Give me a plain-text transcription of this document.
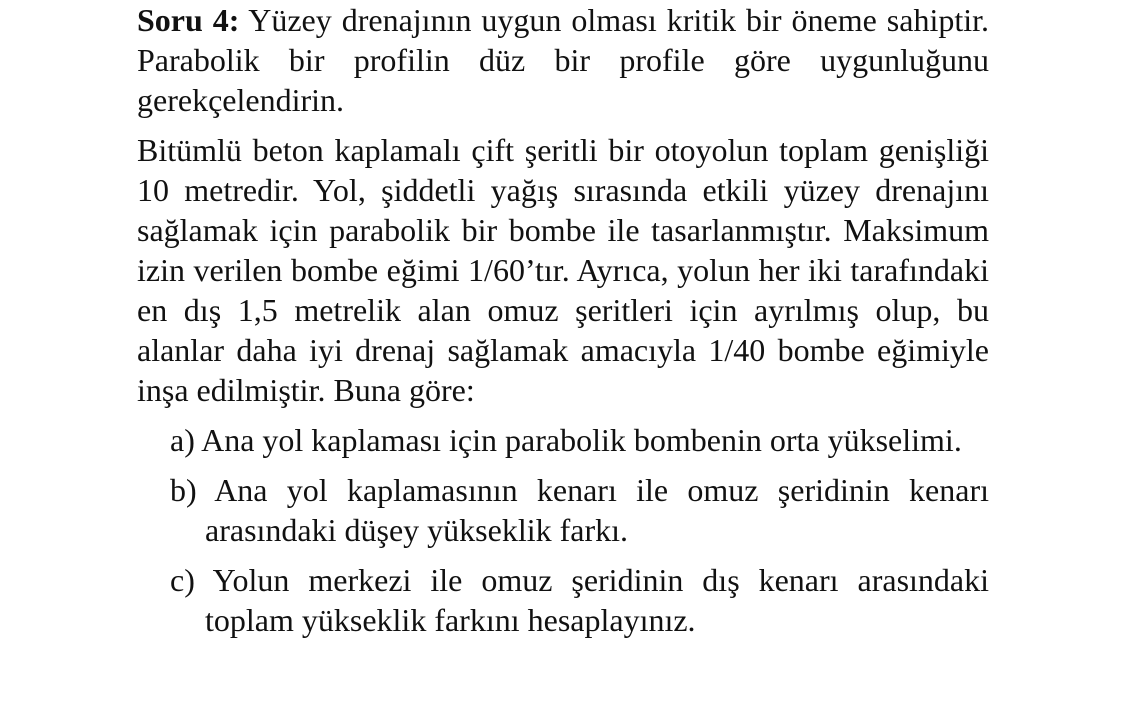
Soru 4: Yüzey drenajının uygun olması kritik bir öneme sahiptir. Parabolik bir profilin düz bir profile göre uygunluğunu gerekçelendirin.

Bitümlü beton kaplamalı çift şeritli bir otoyolun toplam genişliği 10 metredir. Yol, şiddetli yağış sırasında etkili yüzey drenajını sağlamak için parabolik bir bombe ile tasarlanmıştır. Maksimum izin verilen bombe eğimi 1/60’tır. Ayrıca, yolun her iki tarafındaki en dış 1,5 metrelik alan omuz şeritleri için ayrılmış olup, bu alanlar daha iyi drenaj sağlamak amacıyla 1/40 bombe eğimiyle inşa edilmiştir. Buna göre:

a) Ana yol kaplaması için parabolik bombenin orta yükselimi.
b) Ana yol kaplamasının kenarı ile omuz şeridinin kenarı arasındaki düşey yükseklik farkı.
c) Yolun merkezi ile omuz şeridinin dış kenarı arasındaki toplam yükseklik farkını hesaplayınız.
